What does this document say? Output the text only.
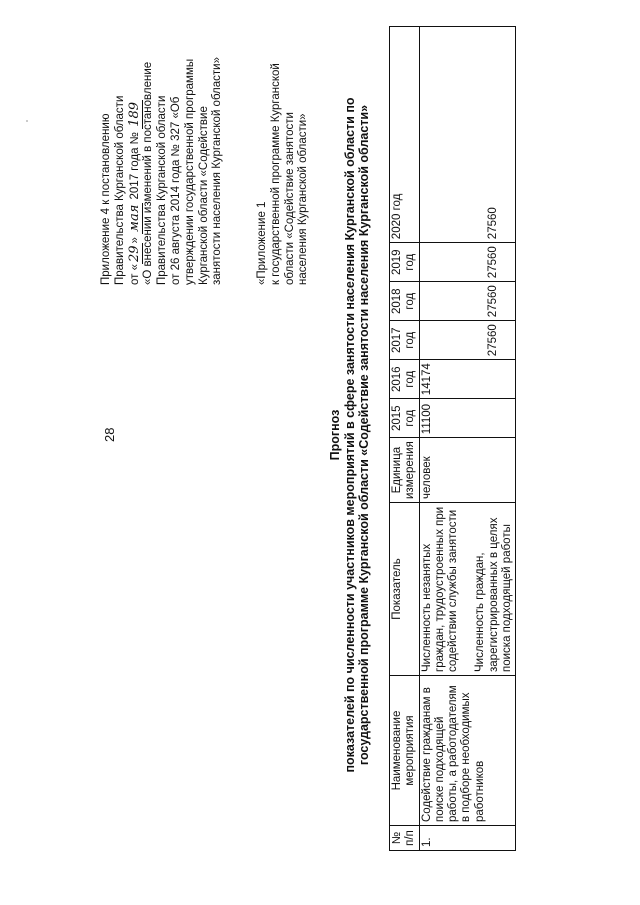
28
Приложение 4 к постановлению Правительства Курганской области от «29» мая 2017 года № 189 «О внесении изменений в постановление Правительства Курганской области от 26 августа 2014 года № 327 «Об утверждении государственной программы Курганской области «Содействие занятости населения Курганской области»	«Приложение 1 к государственной программе Курганской области «Содействие занятости населения Курганской области»
Прогноз показателей по численности участников мероприятий в сфере занятости населения Курганской области по государственной программе Курганской области «Содействие занятости населения Курганской области»
№ п/п	Наименование мероприятия	Показатель	Единица измерения	2015 год	2016 год	2017 год	2018 год	2019 год	2020 год
1.	Содействие гражданам в поиске подходящей работы, а работодателям в подборе необходимых работников	Численность незанятых граждан, трудоустроенных при содействии службы занятости Численность граждан, зарегистрированных в целях поиска подходящей работы	человек	11100	14174	27560	27560	27560	27560
